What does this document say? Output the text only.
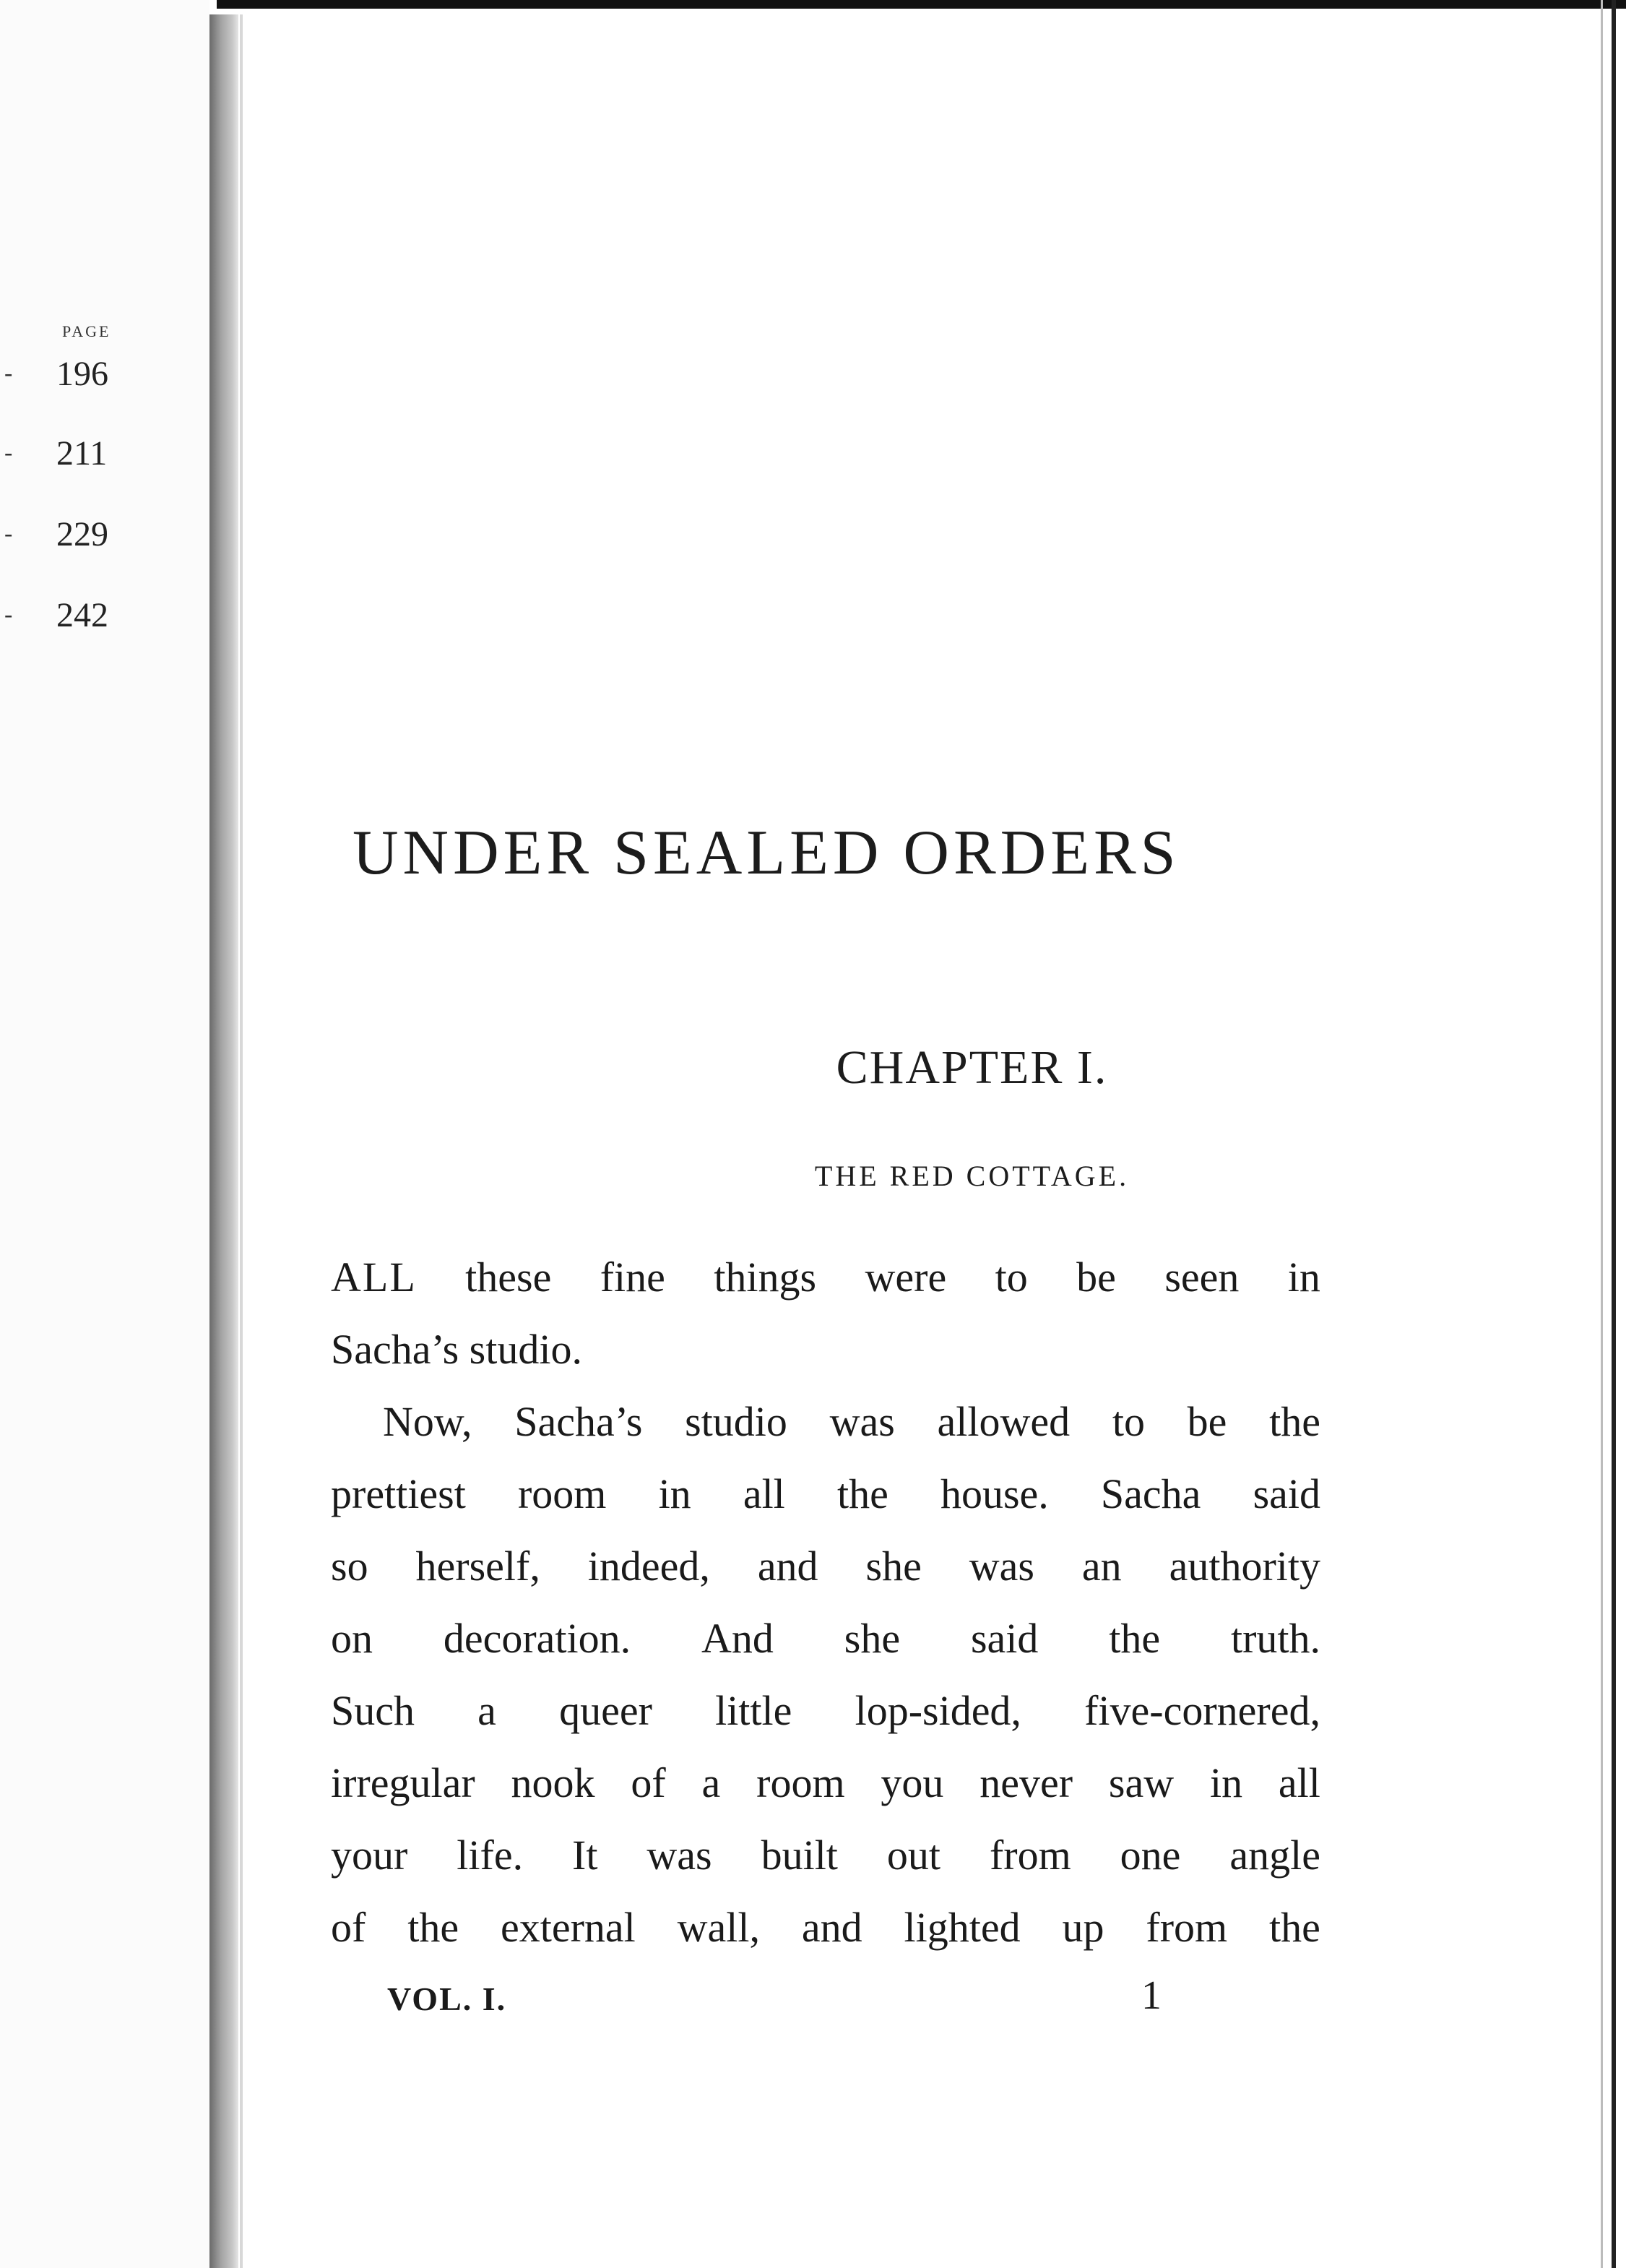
PAGE
- 196
- 211
- 229
- 242
UNDER SEALED ORDERS
CHAPTER I.
THE RED COTTAGE.
ALL these fine things were to be seen in
Sacha’s studio.
Now, Sacha’s studio was allowed to be the
prettiest room in all the house. Sacha said
so herself, indeed, and she was an authority
on decoration. And she said the truth.
Such a queer little lop-sided, five-cornered,
irregular nook of a room you never saw in all
your life. It was built out from one angle
of the external wall, and lighted up from the
VOL. I.	1
